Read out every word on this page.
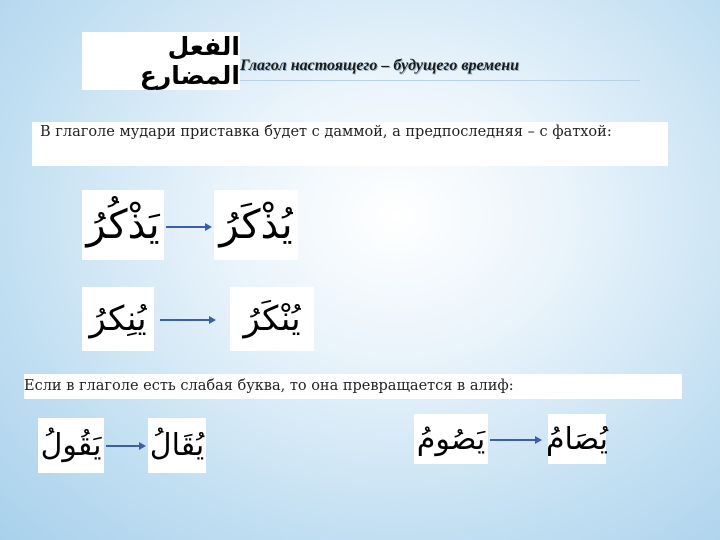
الفعل المضارع Глагол настоящего – будущего времени
В глаголе мудари приставка будет с даммой, а предпоследняя – с фатхой:
يَذْكُرُ يُذْكَرُ
يُنِكرُ	يُنْكَرُ
Если в глаголе есть слабая буква, то она превращается в алиф:
يَقُولُ يُقَالُ	يَصُومُ يُصَامُ
